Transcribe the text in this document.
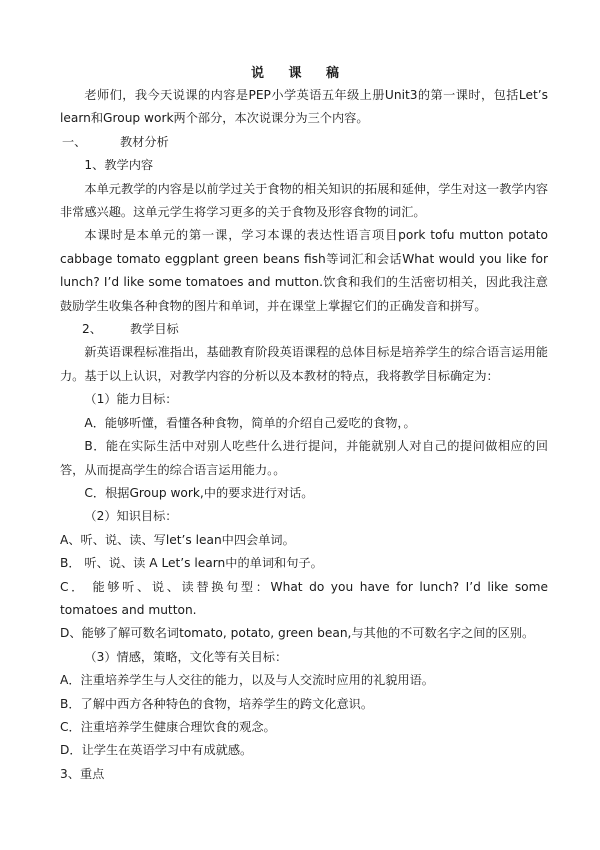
说 课 稿

老师们，我今天说课的内容是PEP小学英语五年级上册Unit3的第一课时，包括Let’s learn和Group work两个部分，本次说课分为三个内容。

一、	教材分析

1、教学内容

本单元教学的内容是以前学过关于食物的相关知识的拓展和延伸，学生对这一教学内容非常感兴趣。这单元学生将学习更多的关于食物及形容食物的词汇。

本课时是本单元的第一课，学习本课的表达性语言项目pork tofu mutton potato cabbage tomato eggplant green beans fish等词汇和会话What would you like for lunch? I’d like some tomatoes and mutton.饮食和我们的生活密切相关，因此我注意鼓励学生收集各种食物的图片和单词，并在课堂上掌握它们的正确发音和拼写。

2、	教学目标

新英语课程标准指出，基础教育阶段英语课程的总体目标是培养学生的综合语言运用能力。基于以上认识，对教学内容的分析以及本教材的特点，我将教学目标确定为：

（1）能力目标：

A．能够听懂，看懂各种食物，简单的介绍自己爱吃的食物，。

B．能在实际生活中对别人吃些什么进行提问，并能就别人对自己的提问做相应的回答，从而提高学生的综合语言运用能力。。

C．根据Group work,中的要求进行对话。

（2）知识目标：

A、听、说、读、写let’s lean中四会单词。

B． 听、说、读 A Let’s learn中的单词和句子。

C． 能够听、说、读替换句型：What do you have for lunch? I’d like some tomatoes and mutton.

D、能够了解可数名词tomato, potato, green bean,与其他的不可数名字之间的区别。

（3）情感，策略，文化等有关目标：

A．注重培养学生与人交往的能力，以及与人交流时应用的礼貌用语。

B．了解中西方各种特色的食物，培养学生的跨文化意识。

C．注重培养学生健康合理饮食的观念。

D．让学生在英语学习中有成就感。

3、重点
